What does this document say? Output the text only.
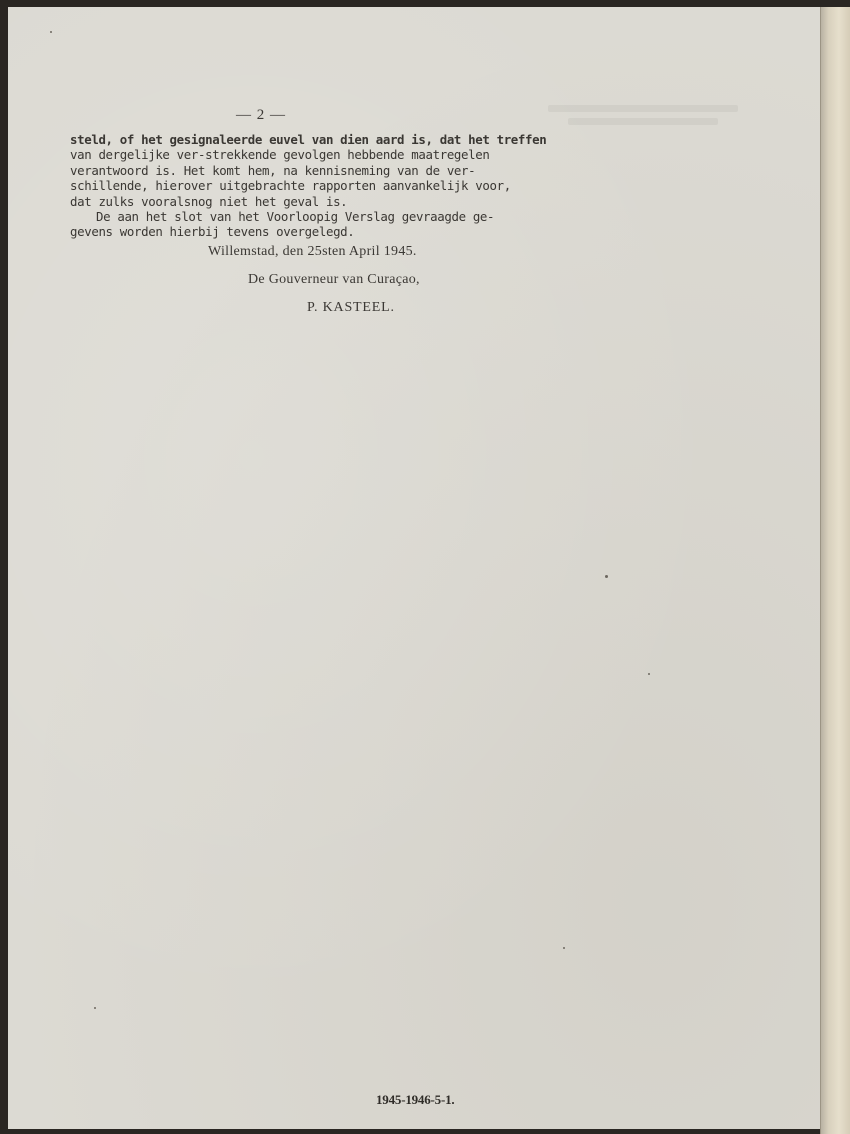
— 2 —

steld, of het gesignaleerde euvel van dien aard is, dat het treffen
van dergelijke ver-strekkende gevolgen hebbende maatregelen
verantwoord is. Het komt hem, na kennisneming van de ver-
schillende, hierover uitgebrachte rapporten aanvankelijk voor,
dat zulks vooralsnog niet het geval is.

De aan het slot van het Voorloopig Verslag gevraagde ge-
gevens worden hierbij tevens overgelegd.

Willemstad, den 25sten April 1945.
De Gouverneur van Curaçao,
P. KASTEEL.
1945-1946-5-1.
